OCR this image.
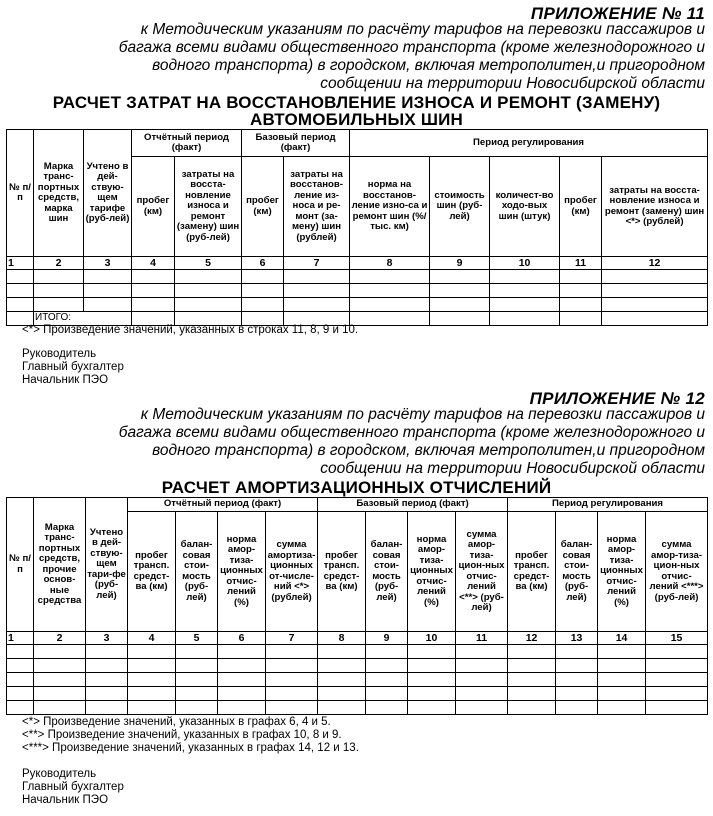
ПРИЛОЖЕНИЕ № 11
к Методическим указаниям по расчёту тарифов на перевозки пассажиров и
багажа всеми видами общественного транспорта (кроме железнодорожного и
водного транспорта) в городском, включая метрополитен,и пригородном
сообщении на территории Новосибирской области
РАСЧЕТ ЗАТРАТ НА ВОССТАНОВЛЕНИЕ ИЗНОСА И РЕМОНТ (ЗАМЕНУ)
АВТОМОБИЛЬНЫХ ШИН
№ п/п	Марка транс-портных средств, марка шин	Учтено в дей-ствую-щем тарифе (руб-лей)	Отчётный период (факт)		Базовый период (факт)		Период регулирования				
			пробег (км)	затраты на восста-новление износа и ремонт (замену) шин (руб-лей)	пробег (км)	затраты на восстанов-ление из-носа и ре-монт (за-мену) шин (рублей)	норма на восстанов-ление изно-са и ремонт шин (%/тыс. км)	стоимость шин (руб-лей)	количест-во ходо-вых шин (штук)	пробег (км)	затраты на восста-новление износа и ремонт (замену) шин <*> (рублей)
1	2	3	4	5	6	7	8	9	10	11	12

	ИТОГО:										
<*> Произведение значений, указанных в строках 11, 8, 9 и 10.
Руководитель
Главный бухгалтер
Начальник ПЭО
ПРИЛОЖЕНИЕ № 12
к Методическим указаниям по расчёту тарифов на перевозки пассажиров и
багажа всеми видами общественного транспорта (кроме железнодорожного и
водного транспорта) в городском, включая метрополитен,и пригородном
сообщении на территории Новосибирской области
РАСЧЕТ АМОРТИЗАЦИОННЫХ ОТЧИСЛЕНИЙ
№ п/п	Марка транс-портных средств, прочие основ-ные средства	Учтено в дей-ствую-щем тари-фе (руб-лей)	Отчётный период (факт)				Базовый период (факт)				Период регулирования			
			пробег трансп. средст-ва (км)	балан-совая стои-мость (руб-лей)	норма амор-тиза-ционных отчис-лений (%)	сумма амортиза-ционных от-числе-ний <*> (рублей)	пробег трансп. средст-ва (км)	балан-совая стои-мость (руб-лей)	норма амор-тиза-ционных отчис-лений (%)	сумма амор-тиза-цион-ных отчис-лений <**> (руб-лей)	пробег трансп. средст-ва (км)	балан-совая стои-мость (руб-лей)	норма амор-тиза-ционных отчис-лений (%)	сумма амор-тиза-цион-ных отчис-лений <***> (руб-лей)
1	2	3	4	5	6	7	8	9	10	11	12	13	14	15

<*> Произведение значений, указанных в графах 6, 4 и 5.
<**> Произведение значений, указанных в графах 10, 8 и 9.
<***> Произведение значений, указанных в графах 14, 12 и 13.
Руководитель
Главный бухгалтер
Начальник ПЭО
